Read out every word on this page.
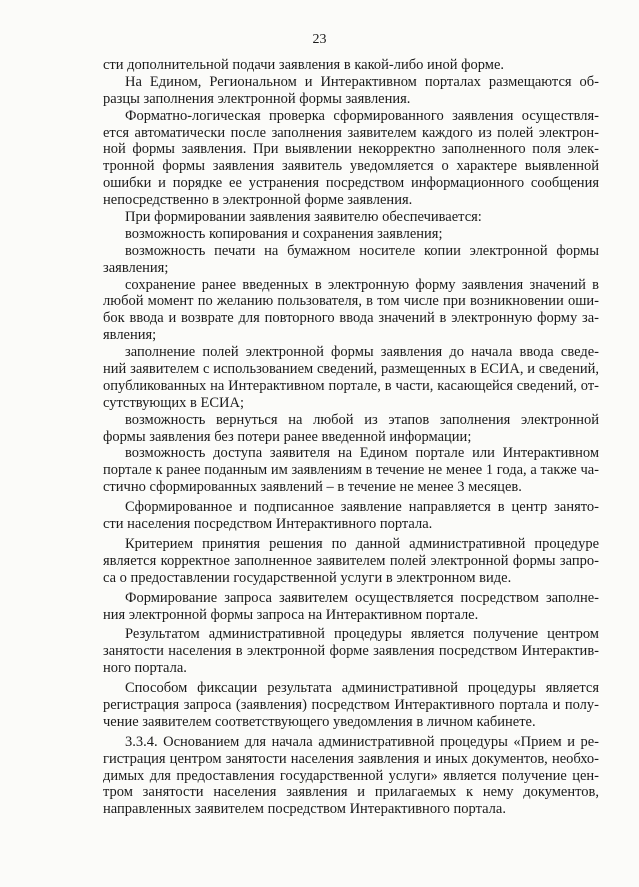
23
сти дополнительной подачи заявления в какой-либо иной форме.
На Едином, Региональном и Интерактивном порталах размещаются об-
разцы заполнения электронной формы заявления.
Форматно-логическая проверка сформированного заявления осуществля-
ется автоматически после заполнения заявителем каждого из полей электрон-
ной формы заявления. При выявлении некорректно заполненного поля элек-
тронной формы заявления заявитель уведомляется о характере выявленной
ошибки и порядке ее устранения посредством информационного сообщения
непосредственно в электронной форме заявления.
При формировании заявления заявителю обеспечивается:
возможность копирования и сохранения заявления;
возможность печати на бумажном носителе копии электронной формы
заявления;
сохранение ранее введенных в электронную форму заявления значений в
любой момент по желанию пользователя, в том числе при возникновении оши-
бок ввода и возврате для повторного ввода значений в электронную форму за-
явления;
заполнение полей электронной формы заявления до начала ввода сведе-
ний заявителем с использованием сведений, размещенных в ЕСИА, и сведений,
опубликованных на Интерактивном портале, в части, касающейся сведений, от-
сутствующих в ЕСИА;
возможность вернуться на любой из этапов заполнения электронной
формы заявления без потери ранее введенной информации;
возможность доступа заявителя на Едином портале или Интерактивном
портале к ранее поданным им заявлениям в течение не менее 1 года, а также ча-
стично сформированных заявлений – в течение не менее 3 месяцев.
Сформированное и подписанное заявление направляется в центр занято-
сти населения посредством Интерактивного портала.
Критерием принятия решения по данной административной процедуре
является корректное заполненное заявителем полей электронной формы запро-
са о предоставлении государственной услуги в электронном виде.
Формирование запроса заявителем осуществляется посредством заполне-
ния электронной формы запроса на Интерактивном портале.
Результатом административной процедуры является получение центром
занятости населения в электронной форме заявления посредством Интерактив-
ного портала.
Способом фиксации результата административной процедуры является
регистрация запроса (заявления) посредством Интерактивного портала и полу-
чение заявителем соответствующего уведомления в личном кабинете.
3.3.4. Основанием для начала административной процедуры «Прием и ре-
гистрация центром занятости населения заявления и иных документов, необхо-
димых для предоставления государственной услуги» является получение цен-
тром занятости населения заявления и прилагаемых к нему документов,
направленных заявителем посредством Интерактивного портала.
